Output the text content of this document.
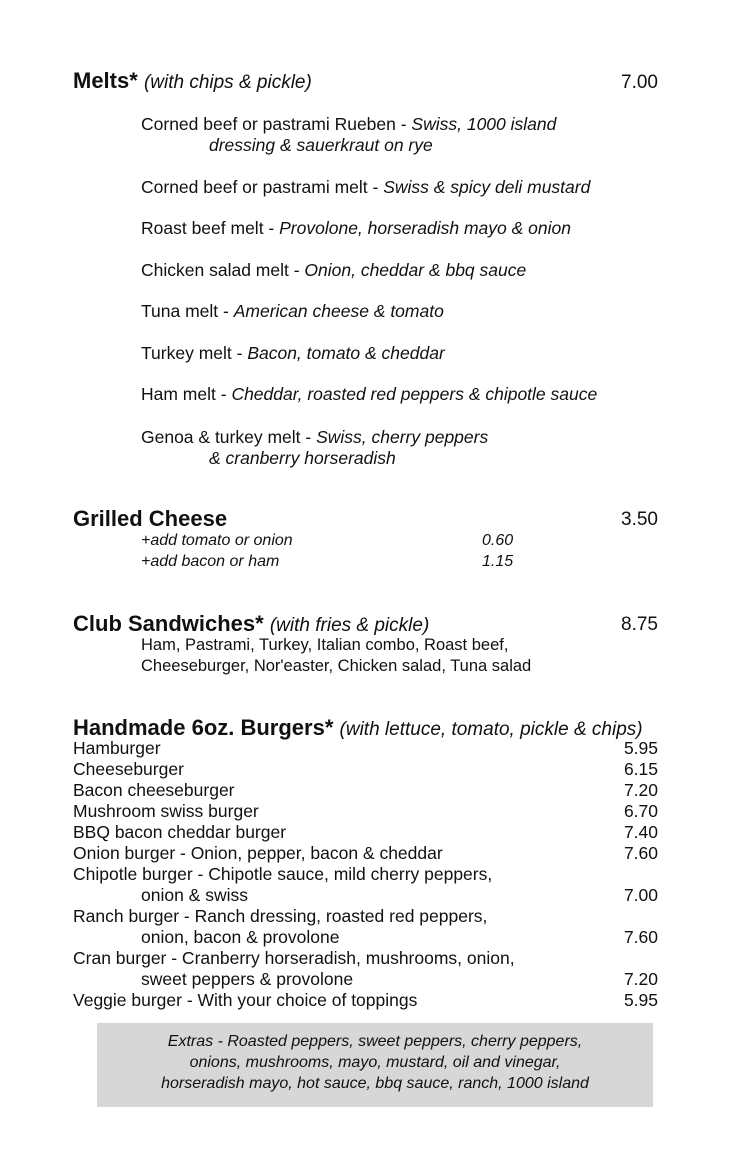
Melts* (with chips & pickle)	7.00
Corned beef or pastrami Rueben - Swiss, 1000 island
dressing & sauerkraut on rye
Corned beef or pastrami melt - Swiss & spicy deli mustard
Roast beef melt - Provolone, horseradish mayo & onion
Chicken salad melt - Onion, cheddar & bbq sauce
Tuna melt - American cheese & tomato
Turkey melt - Bacon, tomato & cheddar
Ham melt - Cheddar, roasted red peppers & chipotle sauce
Genoa & turkey melt - Swiss, cherry peppers
& cranberry horseradish
Grilled Cheese	3.50
+add tomato or onion	0.60
+add bacon or ham	1.15
Club Sandwiches* (with fries & pickle)	8.75
Ham, Pastrami, Turkey, Italian combo, Roast beef,
Cheeseburger, Nor'easter, Chicken salad, Tuna salad
Handmade 6oz. Burgers* (with lettuce, tomato, pickle & chips)
Hamburger	5.95
Cheeseburger	6.15
Bacon cheeseburger	7.20
Mushroom swiss burger	6.70
BBQ bacon cheddar burger	7.40
Onion burger - Onion, pepper, bacon & cheddar	7.60
Chipotle burger - Chipotle sauce, mild cherry peppers,
onion & swiss	7.00
Ranch burger - Ranch dressing, roasted red peppers,
onion, bacon & provolone	7.60
Cran burger - Cranberry horseradish, mushrooms, onion,
sweet peppers & provolone	7.20
Veggie burger - With your choice of toppings	5.95
Extras - Roasted peppers, sweet peppers, cherry peppers,
onions, mushrooms, mayo, mustard, oil and vinegar,
horseradish mayo, hot sauce, bbq sauce, ranch, 1000 island
